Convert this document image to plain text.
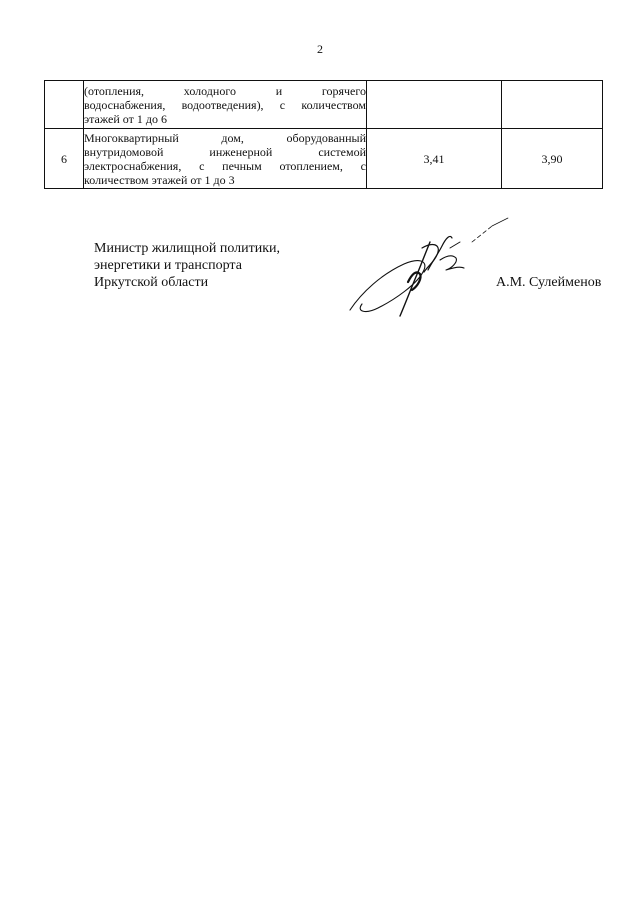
2

	(отопления, холодного и горячего
водоснабжения, водоотведения), с количеством
этажей от 1 до 6		

6	Многоквартирный дом, оборудованный
внутридомовой инженерной системой
электроснабжения, с печным отоплением, с
количеством этажей от 1 до 3	3,41	3,90
Министр жилищной политики,
энергетики и транспорта
Иркутской области	А.М. Сулейменов
